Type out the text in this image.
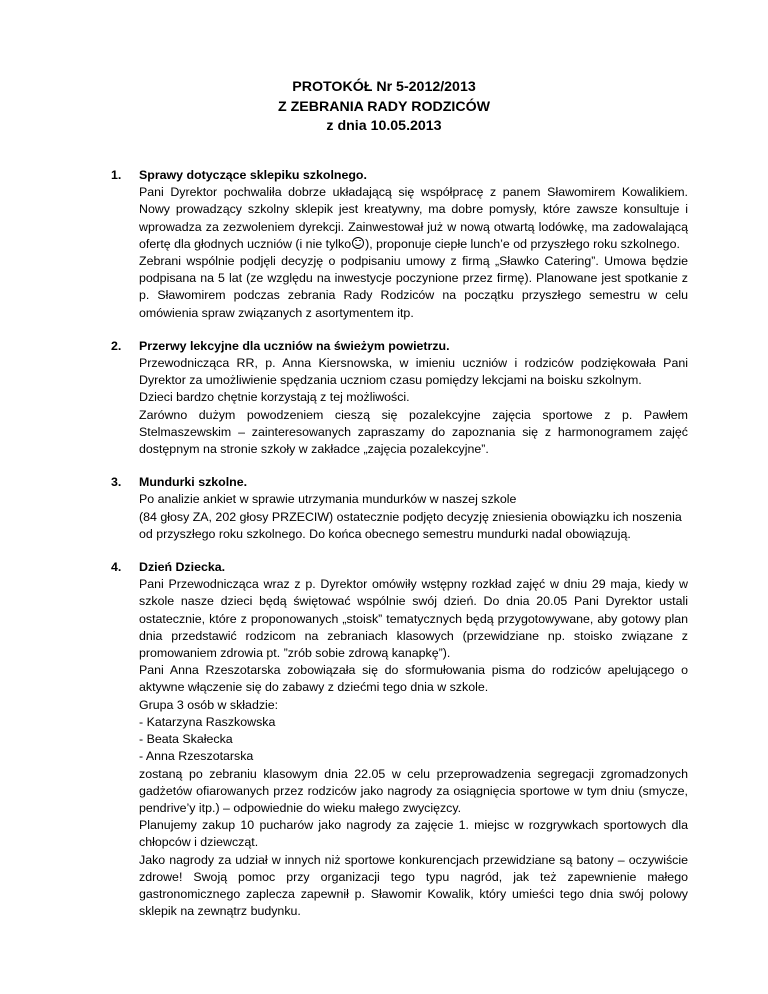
PROTOKÓŁ Nr 5-2012/2013
Z ZEBRANIA RADY RODZICÓW
z dnia 10.05.2013
1. Sprawy dotyczące sklepiku szkolnego.
Pani Dyrektor pochwaliła dobrze układającą się współpracę z panem Sławomirem Kowalikiem. Nowy prowadzący szkolny sklepik jest kreatywny, ma dobre pomysły, które zawsze konsultuje i wprowadza za zezwoleniem dyrekcji. Zainwestował już w nową otwartą lodówkę, ma zadowalającą ofertę dla głodnych uczniów (i nie tylko ), proponuje ciepłe lunch’e od przyszłego roku szkolnego.
Zebrani wspólnie podjęli decyzję o podpisaniu umowy z firmą „Sławko Catering”. Umowa będzie podpisana na 5 lat (ze względu na inwestycje poczynione przez firmę). Planowane jest spotkanie z p. Sławomirem podczas zebrania Rady Rodziców na początku przyszłego semestru w celu omówienia spraw związanych z asortymentem itp.
2. Przerwy lekcyjne dla uczniów na świeżym powietrzu.
Przewodnicząca RR, p. Anna Kiersnowska, w imieniu uczniów i rodziców podziękowała Pani Dyrektor za umożliwienie spędzania uczniom czasu pomiędzy lekcjami na boisku szkolnym.
Dzieci bardzo chętnie korzystają z tej możliwości.
Zarówno dużym powodzeniem cieszą się pozalekcyjne zajęcia sportowe z p. Pawłem Stelmaszewskim – zainteresowanych zapraszamy do zapoznania się z harmonogramem zajęć dostępnym na stronie szkoły w zakładce „zajęcia pozalekcyjne”.
3. Mundurki szkolne.
Po analizie ankiet w sprawie utrzymania mundurków w naszej szkole
(84 głosy ZA, 202 głosy PRZECIW) ostatecznie podjęto decyzję zniesienia obowiązku ich noszenia od przyszłego roku szkolnego. Do końca obecnego semestru mundurki nadal obowiązują.
4. Dzień Dziecka.
Pani Przewodnicząca wraz z p. Dyrektor omówiły wstępny rozkład zajęć w dniu 29 maja, kiedy w szkole nasze dzieci będą świętować wspólnie swój dzień. Do dnia 20.05 Pani Dyrektor ustali ostatecznie, które z proponowanych „stoisk” tematycznych będą przygotowywane, aby gotowy plan dnia przedstawić rodzicom na zebraniach klasowych (przewidziane np. stoisko związane z promowaniem zdrowia pt. ”zrób sobie zdrową kanapkę”).
Pani Anna Rzeszotarska zobowiązała się do sformułowania pisma do rodziców apelującego o aktywne włączenie się do zabawy z dziećmi tego dnia w szkole.
Grupa 3 osób w składzie:
- Katarzyna Raszkowska
- Beata Skałecka
- Anna Rzeszotarska
zostaną po zebraniu klasowym dnia 22.05 w celu przeprowadzenia segregacji zgromadzonych gadżetów ofiarowanych przez rodziców jako nagrody za osiągnięcia sportowe w tym dniu (smycze, pendrive’y itp.) – odpowiednie do wieku małego zwycięzcy.
Planujemy zakup 10 pucharów jako nagrody za zajęcie 1. miejsc w rozgrywkach sportowych dla chłopców i dziewcząt.
Jako nagrody za udział w innych niż sportowe konkurencjach przewidziane są batony – oczywiście zdrowe! Swoją pomoc przy organizacji tego typu nagród, jak też zapewnienie małego gastronomicznego zaplecza zapewnił p. Sławomir Kowalik, który umieści tego dnia swój polowy sklepik na zewnątrz budynku.
